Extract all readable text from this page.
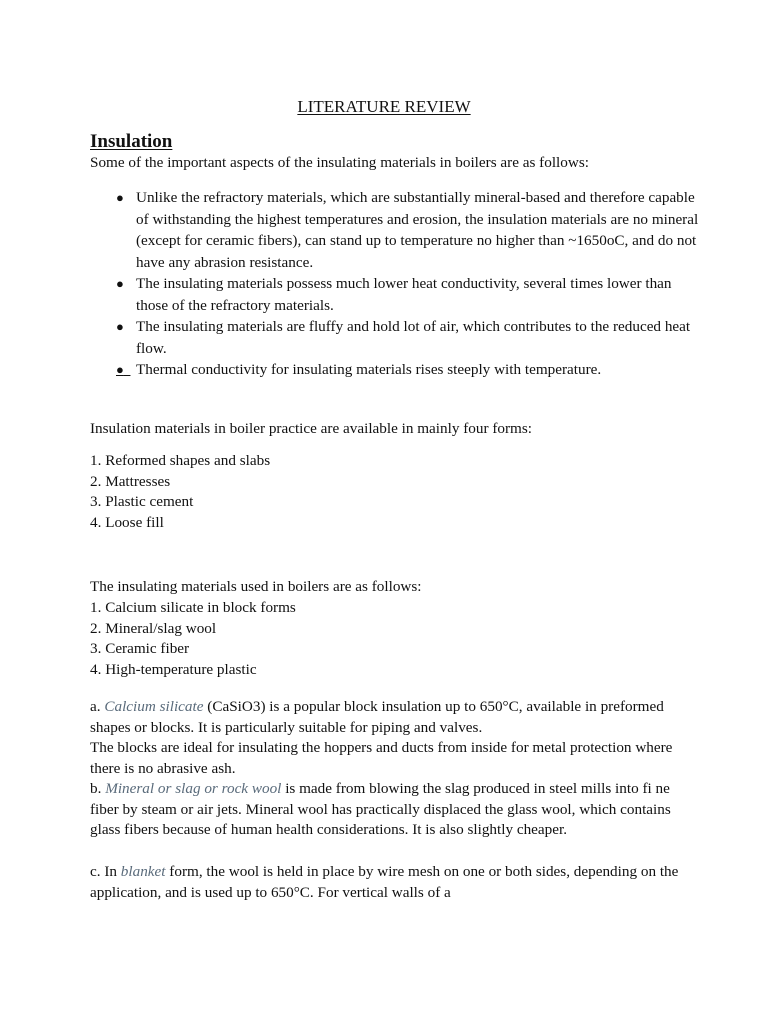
LITERATURE REVIEW
Insulation

Some of the important aspects of the insulating materials in boilers are as follows:

● Unlike the refractory materials, which are substantially mineral-based and therefore capable of withstanding the highest temperatures and erosion, the insulation materials are no mineral (except for ceramic fibers), can stand up to temperature no higher than ~1650oC, and do not have any abrasion resistance.
● The insulating materials possess much lower heat conductivity, several times lower than those of the refractory materials.
● The insulating materials are fluffy and hold lot of air, which contributes to the reduced heat flow.
● Thermal conductivity for insulating materials rises steeply with temperature.

Insulation materials in boiler practice are available in mainly four forms:

1. Reformed shapes and slabs
2. Mattresses
3. Plastic cement
4. Loose fill

The insulating materials used in boilers are as follows:

1. Calcium silicate in block forms
2. Mineral/slag wool
3. Ceramic fiber
4. High-temperature plastic

a. Calcium silicate (CaSiO3) is a popular block insulation up to 650°C, available in preformed shapes or blocks. It is particularly suitable for piping and valves.

The blocks are ideal for insulating the hoppers and ducts from inside for metal protection where there is no abrasive ash.

b. Mineral or slag or rock wool is made from blowing the slag produced in steel mills into fi ne fiber by steam or air jets. Mineral wool has practically displaced the glass wool, which contains glass fibers because of human health considerations. It is also slightly cheaper.

c. In blanket form, the wool is held in place by wire mesh on one or both sides, depending on the application, and is used up to 650°C. For vertical walls of a
